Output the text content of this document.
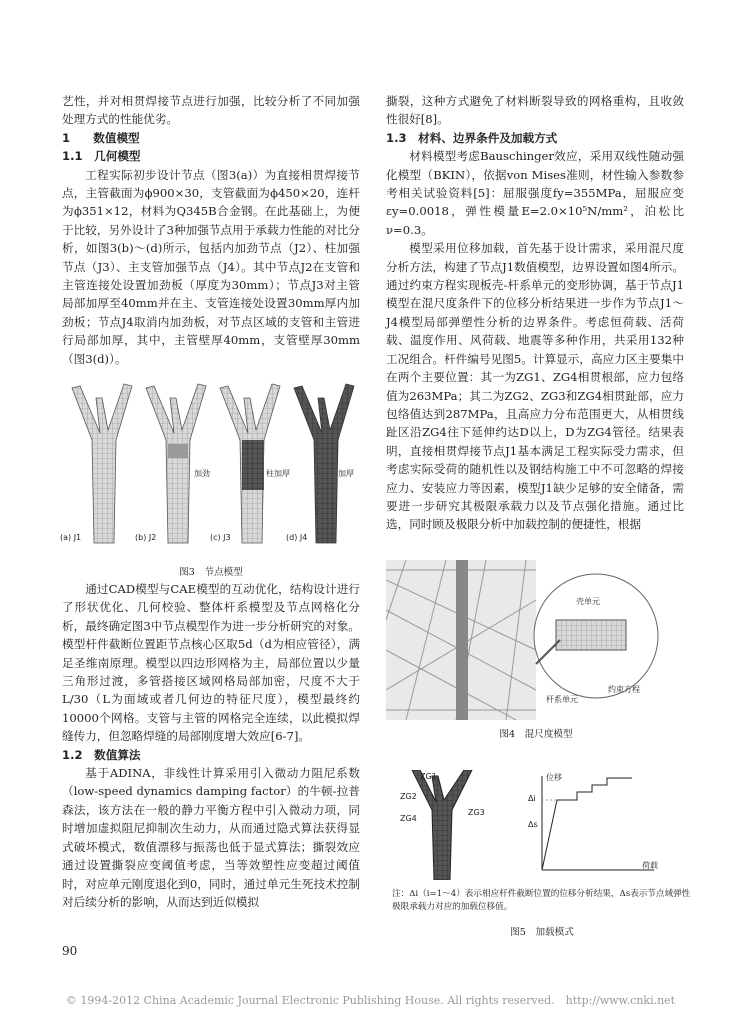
艺性，并对相贯焊接节点进行加强，比较分析了不同加强处理方式的性能优劣。

1　　数值模型

1.1　几何模型

工程实际初步设计节点（图3(a)）为直接相贯焊接节点，主管截面为ϕ900×30，支管截面为ϕ450×20，连杆为ϕ351×12，材料为Q345B合金钢。在此基础上，为便于比较，另外设计了3种加强节点用于承载力性能的对比分析，如图3(b)～(d)所示，包括内加劲节点（J2）、柱加强节点（J3）、主支管加强节点（J4）。其中节点J2在支管和主管连接处设置加劲板（厚度为30mm）；节点J3对主管局部加厚至40mm并在主、支管连接处设置30mm厚内加劲板；节点J4取消内加劲板，对节点区域的支管和主管进行局部加厚，其中，主管壁厚40mm，支管壁厚30mm（图3(d)）。

(a) J1	(b) J2	(c) J3	(d) J4
加劲	柱加厚	加厚
图3　节点模型

通过CAD模型与CAE模型的互动优化，结构设计进行了形状优化、几何校验、整体杆系模型及节点网格化分析，最终确定图3中节点模型作为进一步分析研究的对象。模型杆件截断位置距节点核心区取5d（d为相应管径），满足圣维南原理。模型以四边形网格为主，局部位置以少量三角形过渡，多管搭接区域网格局部加密，尺度不大于L/30（L为面域或者几何边的特征尺度），模型最终约10000个网格。支管与主管的网格完全连续，以此模拟焊缝传力，但忽略焊缝的局部刚度增大效应[6-7]。

1.2　数值算法

基于ADINA，非线性计算采用引入微动力阻尼系数（low-speed dynamics damping factor）的牛顿-拉普森法，该方法在一般的静力平衡方程中引入微动力项，同时增加虚拟阻尼抑制次生动力，从而通过隐式算法获得显式破坏模式，数值漂移与振荡也低于显式算法；撕裂效应通过设置撕裂应变阈值考虑，当等效塑性应变超过阈值时，对应单元刚度退化到0，同时，通过单元生死技术控制对后续分析的影响，从而达到近似模拟

90

撕裂，这种方式避免了材料断裂导致的网格重构，且收敛性很好[8]。

1.3　材料、边界条件及加载方式

材料模型考虑Bauschinger效应，采用双线性随动强化模型（BKIN），依据von Mises准则，材性输入参数参考相关试验资料[5]：屈服强度fy=355MPa，屈服应变εy=0.0018，弹性模量E=2.0×10⁵N/mm²，泊松比ν=0.3。

模型采用位移加载，首先基于设计需求，采用混尺度分析方法，构建了节点J1数值模型，边界设置如图4所示。通过约束方程实现板壳-杆系单元的变形协调，基于节点J1模型在混尺度条件下的位移分析结果进一步作为节点J1～J4模型局部弹塑性分析的边界条件。考虑恒荷载、活荷载、温度作用、风荷载、地震等多种作用，共采用132种工况组合。杆件编号见图5。计算显示，高应力区主要集中在两个主要位置：其一为ZG1、ZG4相贯根部，应力包络值为263MPa；其二为ZG2、ZG3和ZG4相贯趾部，应力包络值达到287MPa，且高应力分布范围更大，从相贯线趾区沿ZG4往下延伸约达D以上，D为ZG4管径。结果表明，直接相贯焊接节点J1基本满足工程实际受力需求，但考虑实际受荷的随机性以及钢结构施工中不可忽略的焊接应力、安装应力等因素，模型J1缺少足够的安全储备，需要进一步研究其极限承载力以及节点强化措施。通过比选，同时顾及极限分析中加载控制的便捷性，根据

壳单元
杆系单元
约束方程
图4　混尺度模型
ZG1
ZG2
ZG4
ZG3
位移
荷载
Δi
Δs
注：Δi（i=1～4）表示相应杆件截断位置的位移分析结果，Δs表示节点域弹性极限承载力对应的加载位移值。
图5　加载模式
© 1994-2012 China Academic Journal Electronic Publishing House. All rights reserved.　http://www.cnki.net
